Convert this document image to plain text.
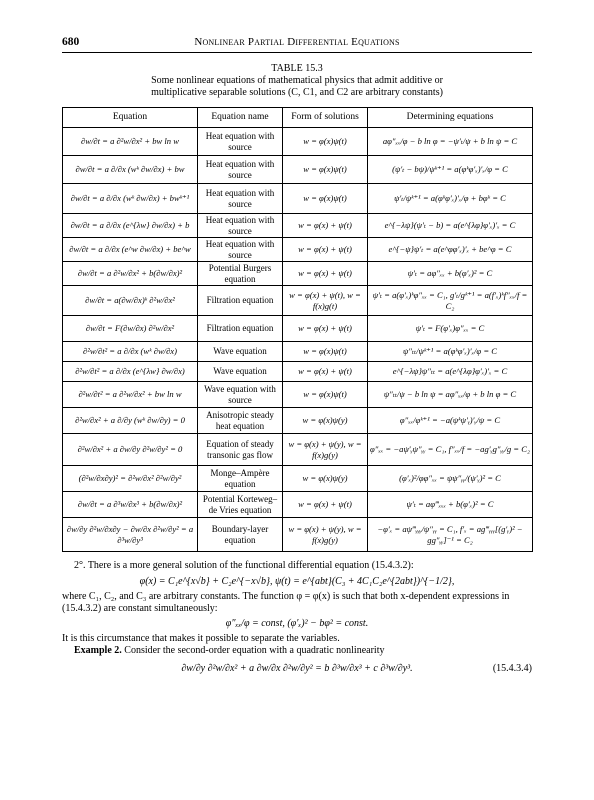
680	Nonlinear Partial Differential Equations
TABLE 15.3
Some nonlinear equations of mathematical physics that admit additive or
multiplicative separable solutions (C, C1, and C2 are arbitrary constants)
Equation	Equation name	Form of solutions	Determining equations
∂w/∂t = a ∂²w/∂x² + bw ln w	Heat equation with source	w = φ(x)ψ(t)	aφ″ₓₓ/φ − b ln φ = −ψ′ₜ/ψ + b ln ψ = C
∂w/∂t = a ∂/∂x (wᵏ ∂w/∂x) + bw	Heat equation with source	w = φ(x)ψ(t)	(ψ′ₜ − bψ)/ψᵏ⁺¹ = a(φᵏφ′ₓ)′ₓ/φ = C
∂w/∂t = a ∂/∂x (wᵏ ∂w/∂x) + bwᵏ⁺¹	Heat equation with source	w = φ(x)ψ(t)	ψ′ₜ/ψᵏ⁺¹ = a(φᵏφ′ₓ)′ₓ/φ + bφᵏ = C
∂w/∂t = a ∂/∂x (e^{λw} ∂w/∂x) + b	Heat equation with source	w = φ(x) + ψ(t)	e^{−λψ}(ψ′ₜ − b) = a(e^{λφ}φ′ₓ)′ₓ = C
∂w/∂t = a ∂/∂x (e^w ∂w/∂x) + be^w	Heat equation with source	w = φ(x) + ψ(t)	e^{−ψ}ψ′ₜ = a(e^φφ′ₓ)′ₓ + be^φ = C
∂w/∂t = a ∂²w/∂x² + b(∂w/∂x)²	Potential Burgers equation	w = φ(x) + ψ(t)	ψ′ₜ = aφ″ₓₓ + b(φ′ₓ)² = C
∂w/∂t = a(∂w/∂x)ᵏ ∂²w/∂x²	Filtration equation	w = φ(x) + ψ(t), w = f(x)g(t)	ψ′ₜ = a(φ′ₓ)ᵏφ″ₓₓ = C₁, g′ₜ/gᵏ⁺¹ = a(f′ₓ)ᵏf″ₓₓ/f = C₂
∂w/∂t = F(∂w/∂x) ∂²w/∂x²	Filtration equation	w = φ(x) + ψ(t)	ψ′ₜ = F(φ′ₓ)φ″ₓₓ = C
∂²w/∂t² = a ∂/∂x (wᵏ ∂w/∂x)	Wave equation	w = φ(x)ψ(t)	ψ″ₜₜ/ψᵏ⁺¹ = a(φᵏφ′ₓ)′ₓ/φ = C
∂²w/∂t² = a ∂/∂x (e^{λw} ∂w/∂x)	Wave equation	w = φ(x) + ψ(t)	e^{−λψ}ψ″ₜₜ = a(e^{λφ}φ′ₓ)′ₓ = C
∂²w/∂t² = a ∂²w/∂x² + bw ln w	Wave equation with source	w = φ(x)ψ(t)	ψ″ₜₜ/ψ − b ln ψ = aφ″ₓₓ/φ + b ln φ = C
∂²w/∂x² + a ∂/∂y (wᵏ ∂w/∂y) = 0	Anisotropic steady heat equation	w = φ(x)ψ(y)	φ″ₓₓ/φᵏ⁺¹ = −a(ψᵏψ′ᵧ)′ᵧ/ψ = C
∂²w/∂x² + a ∂w/∂y ∂²w/∂y² = 0	Equation of steady transonic gas flow	w = φ(x) + ψ(y), w = f(x)g(y)	φ″ₓₓ = −aψ′ᵧψ″ᵧᵧ = C₁, f″ₓₓ/f = −ag′ᵧg″ᵧᵧ/g = C₂
(∂²w/∂x∂y)² = ∂²w/∂x² ∂²w/∂y²	Monge–Ampère equation	w = φ(x)ψ(y)	(φ′ₓ)²/φφ″ₓₓ = ψψ″ᵧᵧ/(ψ′ᵧ)² = C
∂w/∂t = a ∂³w/∂x³ + b(∂w/∂x)²	Potential Korteweg–de Vries equation	w = φ(x) + ψ(t)	ψ′ₜ = aφ‴ₓₓₓ + b(φ′ₓ)² = C
∂w/∂y ∂²w/∂x∂y − ∂w/∂x ∂²w/∂y² = a ∂³w/∂y³	Boundary-layer equation	w = φ(x) + ψ(y), w = f(x)g(y)	−φ′ₓ = aψ‴ᵧᵧᵧ/ψ″ᵧᵧ = C₁, f′ₓ = ag‴ᵧᵧᵧ[(g′ᵧ)² − gg″ᵧᵧ]⁻¹ = C₂
2°. There is a more general solution of the functional differential equation (15.4.3.2):
φ(x) = C₁e^{x√b} + C₂e^{−x√b}, ψ(t) = e^{abt}(C₃ + 4C₁C₂e^{2abt})^{−1/2},
where C₁, C₂, and C₃ are arbitrary constants. The function φ = φ(x) is such that both x-dependent expressions in (15.4.3.2) are constant simultaneously:
φ″ₓₓ/φ = const, (φ′ₓ)² − bφ² = const.
It is this circumstance that makes it possible to separate the variables.
Example 2. Consider the second-order equation with a quadratic nonlinearity
∂w/∂y ∂²w/∂x² + a ∂w/∂x ∂²w/∂y² = b ∂³w/∂x³ + c ∂³w/∂y³.	(15.4.3.4)
